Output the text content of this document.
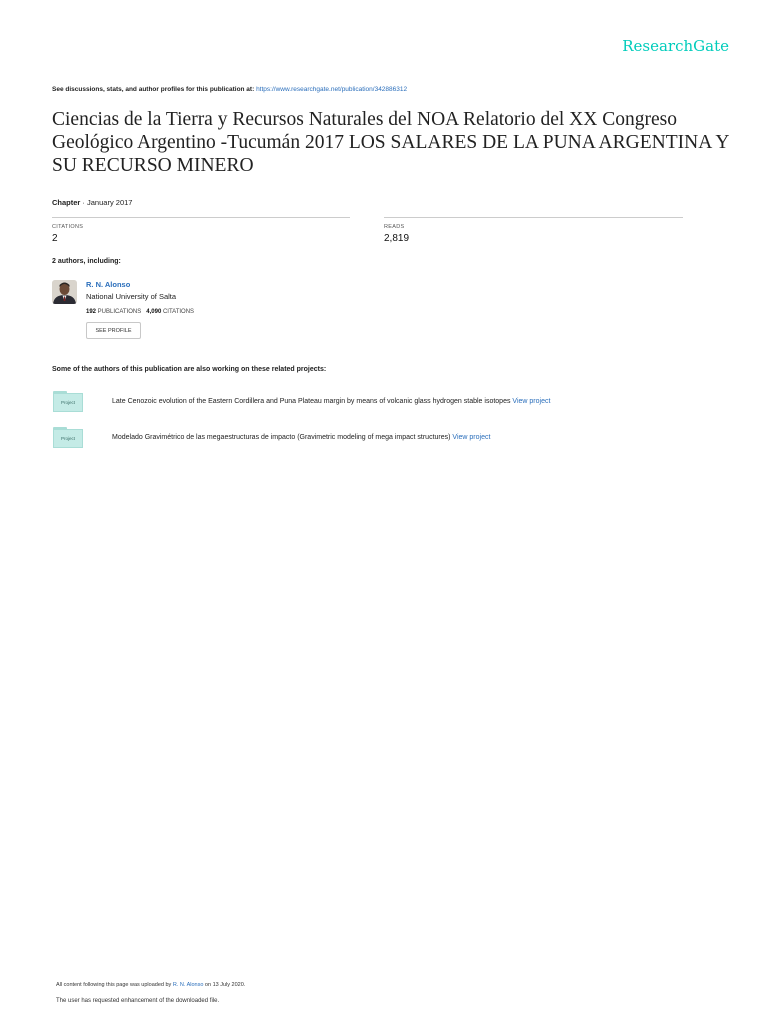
ResearchGate
See discussions, stats, and author profiles for this publication at: https://www.researchgate.net/publication/342886312
Ciencias de la Tierra y Recursos Naturales del NOA Relatorio del XX Congreso Geológico Argentino -Tucumán 2017 LOS SALARES DE LA PUNA ARGENTINA Y SU RECURSO MINERO
Chapter · January 2017
CITATIONS
2
READS
2,819
2 authors, including:
R. N. Alonso
National University of Salta
192 PUBLICATIONS 4,090 CITATIONS
SEE PROFILE
Some of the authors of this publication are also working on these related projects:
Project	Late Cenozoic evolution of the Eastern Cordillera and Puna Plateau margin by means of volcanic glass hydrogen stable isotopes View project
Project	Modelado Gravimétrico de las megaestructuras de impacto (Gravimetric modeling of mega impact structures) View project
All content following this page was uploaded by R. N. Alonso on 13 July 2020.
The user has requested enhancement of the downloaded file.
